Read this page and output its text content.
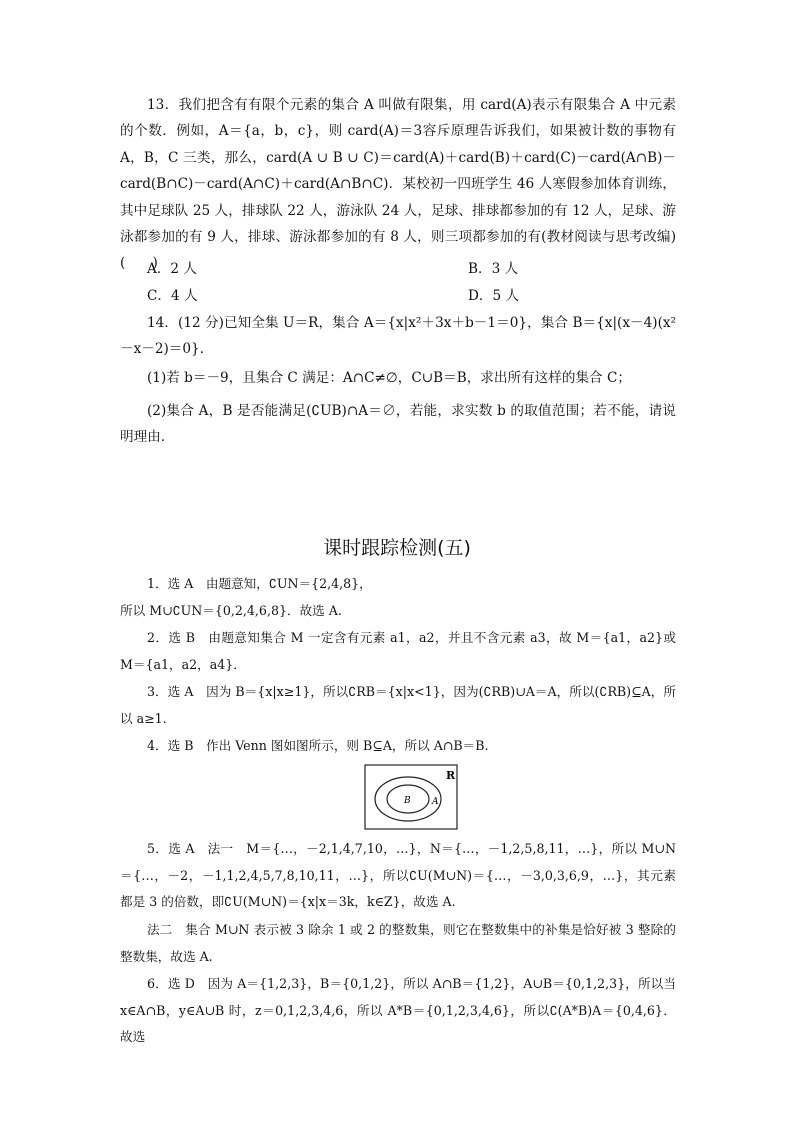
13．我们把含有有限个元素的集合 A 叫做有限集，用 card(A)表示有限集合 A 中元素的个数．例如，A＝{a，b，c}，则 card(A)＝3容斥原理告诉我们，如果被计数的事物有 A，B，C 三类，那么，card(A ∪ B ∪ C)＝card(A)＋card(B)＋card(C)－card(A∩B)－card(B∩C)－card(A∩C)＋card(A∩B∩C)．某校初一四班学生 46 人寒假参加体育训练，其中足球队 25 人，排球队 22 人，游泳队 24 人，足球、排球都参加的有 12 人，足球、游泳都参加的有 9 人，排球、游泳都参加的有 8 人，则三项都参加的有(教材阅读与思考改编)(　　)

A．2 人	B．3 人

C．4 人	D．5 人

14．(12 分)已知全集 U＝R，集合 A＝{x|x²＋3x＋b－1＝0}，集合 B＝{x|(x－4)(x²－x－2)＝0}．

(1)若 b＝－9，且集合 C 满足：A∩C≠∅，C∪B＝B，求出所有这样的集合 C；

(2)集合 A，B 是否能满足(∁UB)∩A＝∅，若能，求实数 b 的取值范围；若不能，请说明理由．

课时跟踪检测(五)

1．选 A　由题意知，∁UN＝{2,4,8}，

所以 M∪∁UN＝{0,2,4,6,8}．故选 A.

2．选 B　由题意知集合 M 一定含有元素 a1，a2，并且不含元素 a3，故 M＝{a1，a2}或 M＝{a1，a2，a4}．

3．选 A　因为 B＝{x|x≥1}，所以∁RB＝{x|x<1}，因为(∁RB)∪A＝A，所以(∁RB)⊆A，所以 a≥1.

4．选 B　作出 Venn 图如图所示，则 B⊆A，所以 A∩B＝B.

R
A
B

5．选 A　法一　M＝{…，－2,1,4,7,10，…}，N＝{…，－1,2,5,8,11，…}，所以 M∪N＝{…，－2，－1,1,2,4,5,7,8,10,11，…}，所以∁U(M∪N)＝{…，－3,0,3,6,9，…}，其元素都是 3 的倍数，即∁U(M∪N)＝{x|x＝3k，k∈Z}，故选 A.

法二　集合 M∪N 表示被 3 除余 1 或 2 的整数集，则它在整数集中的补集是恰好被 3 整除的整数集，故选 A.

6．选 D　因为 A＝{1,2,3}，B＝{0,1,2}，所以 A∩B＝{1,2}，A∪B＝{0,1,2,3}，所以当 x∈A∩B，y∈A∪B 时，z＝0,1,2,3,4,6，所以 A*B＝{0,1,2,3,4,6}，所以∁(A*B)A＝{0,4,6}．故选
